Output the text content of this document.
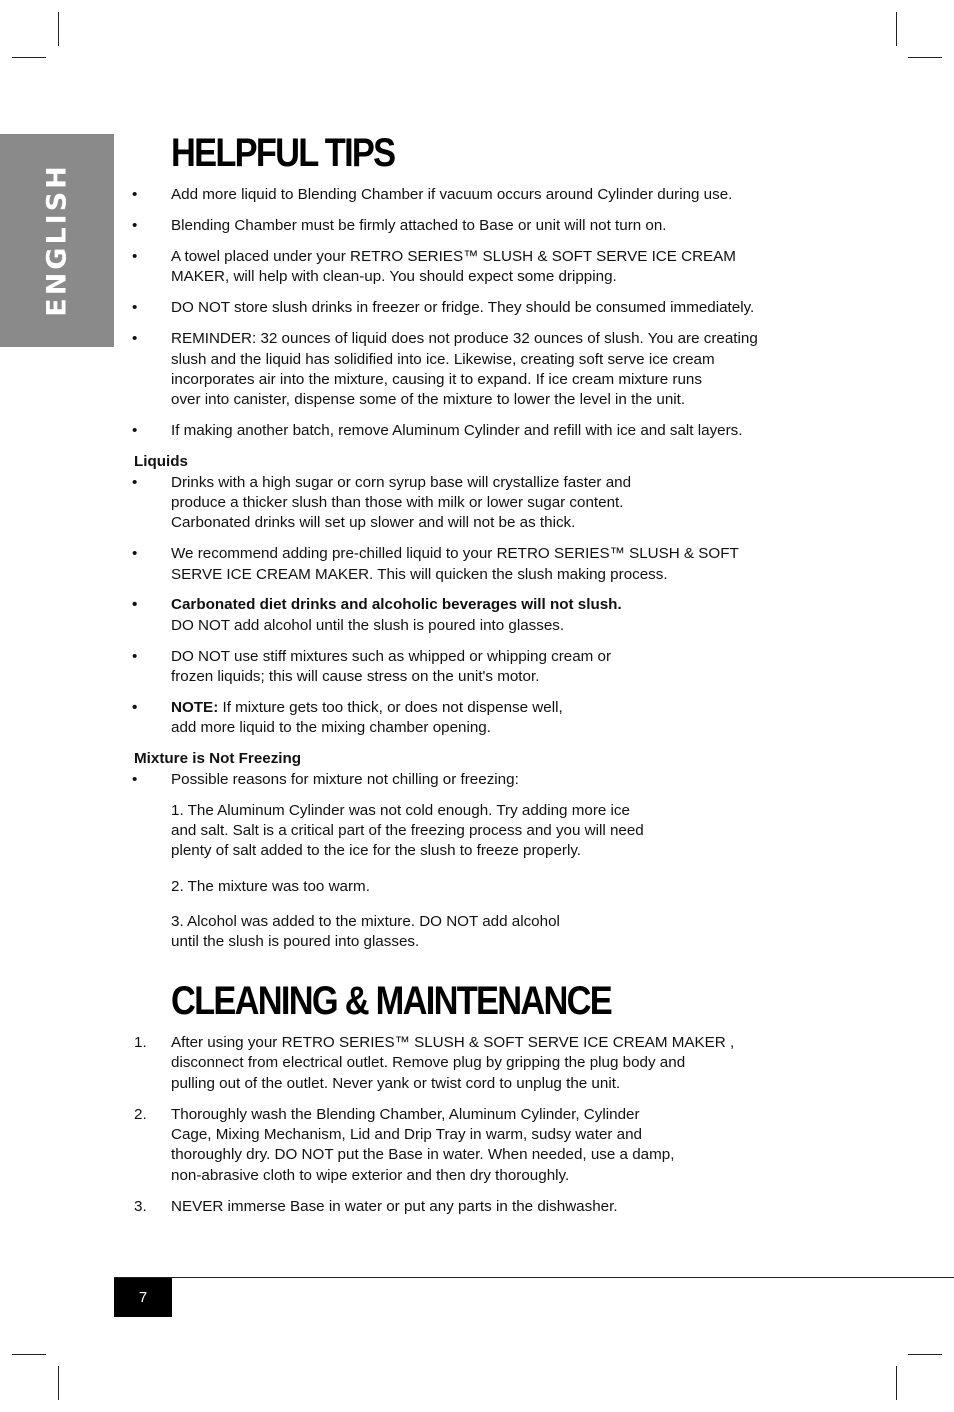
ENGLISH
HELPFUL TIPS
• Add more liquid to Blending Chamber if vacuum occurs around Cylinder during use.
• Blending Chamber must be firmly attached to Base or unit will not turn on.
• A towel placed under your RETRO SERIES™ SLUSH & SOFT SERVE ICE CREAM
MAKER, will help with clean-up. You should expect some dripping.
• DO NOT store slush drinks in freezer or fridge. They should be consumed immediately.
• REMINDER: 32 ounces of liquid does not produce 32 ounces of slush. You are creating
slush and the liquid has solidified into ice. Likewise, creating soft serve ice cream
incorporates air into the mixture, causing it to expand. If ice cream mixture runs
over into canister, dispense some of the mixture to lower the level in the unit.
• If making another batch, remove Aluminum Cylinder and refill with ice and salt layers.
Liquids
• Drinks with a high sugar or corn syrup base will crystallize faster and
produce a thicker slush than those with milk or lower sugar content.
Carbonated drinks will set up slower and will not be as thick.
• We recommend adding pre-chilled liquid to your RETRO SERIES™ SLUSH & SOFT
SERVE ICE CREAM MAKER. This will quicken the slush making process.
• Carbonated diet drinks and alcoholic beverages will not slush.
DO NOT add alcohol until the slush is poured into glasses.
• DO NOT use stiff mixtures such as whipped or whipping cream or
frozen liquids; this will cause stress on the unit's motor.
• NOTE: If mixture gets too thick, or does not dispense well,
add more liquid to the mixing chamber opening.
Mixture is Not Freezing
• Possible reasons for mixture not chilling or freezing:
1. The Aluminum Cylinder was not cold enough. Try adding more ice
and salt. Salt is a critical part of the freezing process and you will need
plenty of salt added to the ice for the slush to freeze properly.
2. The mixture was too warm.
3. Alcohol was added to the mixture. DO NOT add alcohol
until the slush is poured into glasses.
CLEANING & MAINTENANCE
1. After using your RETRO SERIES™ SLUSH & SOFT SERVE ICE CREAM MAKER ,
disconnect from electrical outlet. Remove plug by gripping the plug body and
pulling out of the outlet. Never yank or twist cord to unplug the unit.
2. Thoroughly wash the Blending Chamber, Aluminum Cylinder, Cylinder
Cage, Mixing Mechanism, Lid and Drip Tray in warm, sudsy water and
thoroughly dry. DO NOT put the Base in water. When needed, use a damp,
non-abrasive cloth to wipe exterior and then dry thoroughly.
3. NEVER immerse Base in water or put any parts in the dishwasher.
7
